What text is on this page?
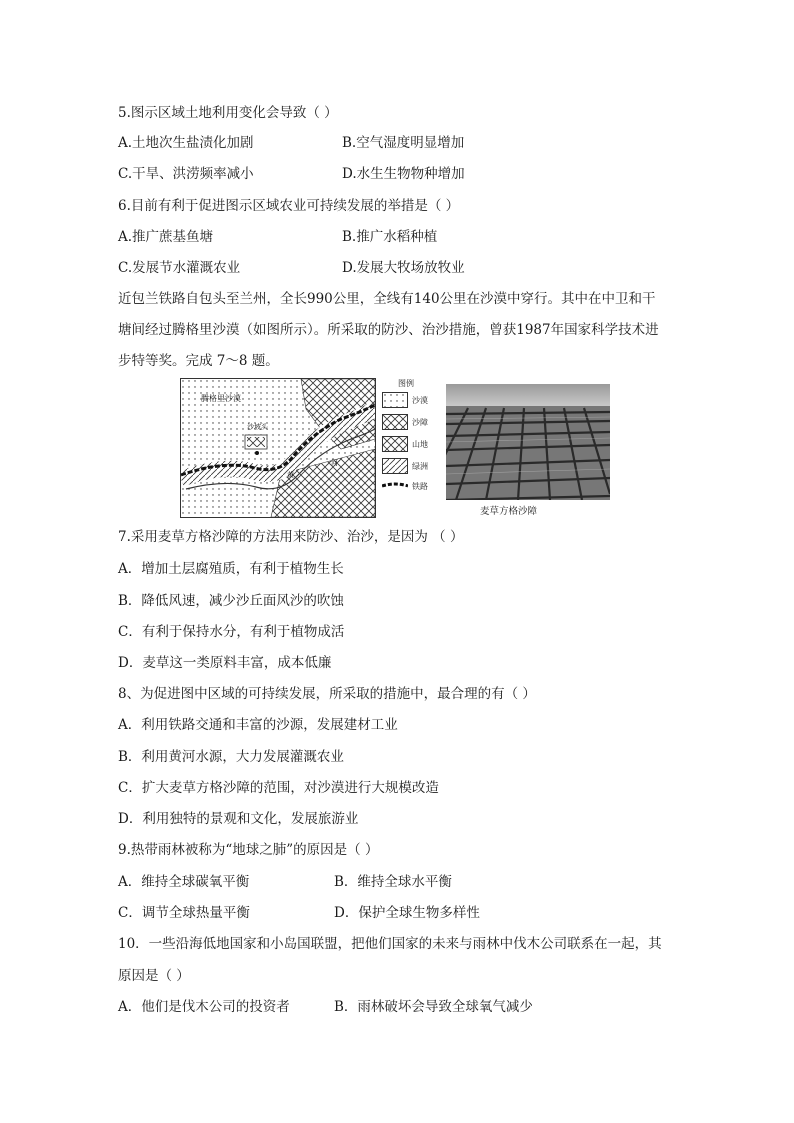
5.图示区域土地利用变化会导致（ ）
A.土地次生盐渍化加剧	B.空气湿度明显增加
C.干旱、洪涝频率减小	D.水生生物物种增加
6.目前有利于促进图示区域农业可持续发展的举措是（ ）
A.推广蔗基鱼塘	B.推广水稻种植
C.发展节水灌溉农业	D.发展大牧场放牧业
近包兰铁路自包头至兰州，全长990公里，全线有140公里在沙漠中穿行。其中在中卫和干
塘间经过腾格里沙漠（如图所示）。所采取的防沙、治沙措施，曾获1987年国家科学技术进
步特等奖。完成 7～8 题。
腾格里沙漠
沙坡头
河
黄
图例
沙漠
沙障
山地
绿洲
铁路
麦草方格沙障
7.采用麦草方格沙障的方法用来防沙、治沙，是因为 （ ）
A．增加土层腐殖质，有利于植物生长
B．降低风速，减少沙丘面风沙的吹蚀
C．有利于保持水分，有利于植物成活
D．麦草这一类原料丰富，成本低廉
8、为促进图中区域的可持续发展，所采取的措施中，最合理的有（ ）
A．利用铁路交通和丰富的沙源，发展建材工业
B．利用黄河水源，大力发展灌溉农业
C．扩大麦草方格沙障的范围，对沙漠进行大规模改造
D．利用独特的景观和文化，发展旅游业
9.热带雨林被称为“地球之肺”的原因是（ ）
A．维持全球碳氧平衡	B．维持全球水平衡
C．调节全球热量平衡	D．保护全球生物多样性
10．一些沿海低地国家和小岛国联盟，把他们国家的未来与雨林中伐木公司联系在一起，其
原因是（ ）
A．他们是伐木公司的投资者	B．雨林破坏会导致全球氧气减少
